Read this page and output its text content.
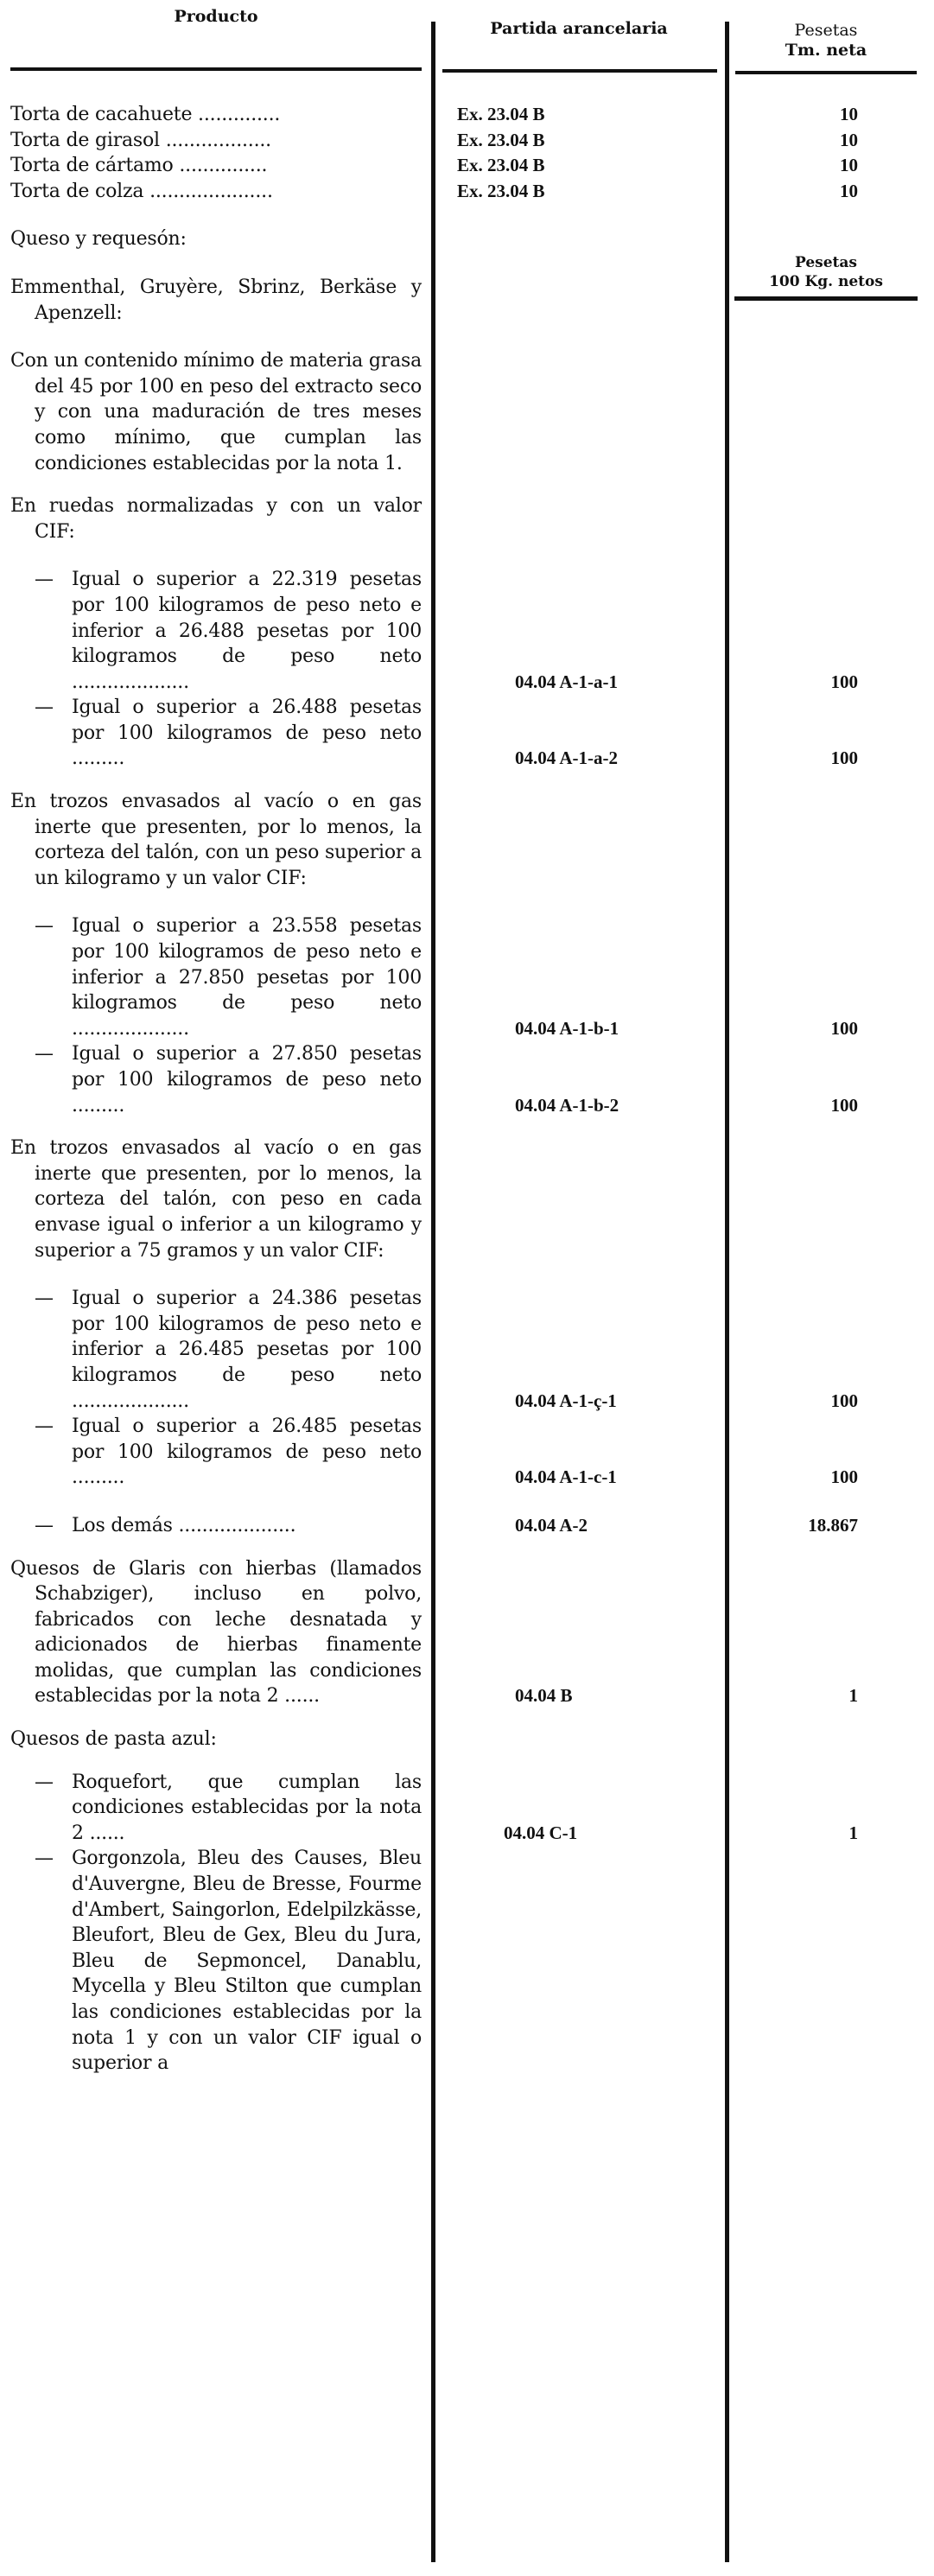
Producto
Partida arancelaria	Pesetas
Tm. neta
Pesetas
100 Kg. netos
Torta de cacahuete ..............	Ex. 23.04 B	10
Torta de girasol ..................	Ex. 23.04 B	10
Torta de cártamo ...............	Ex. 23.04 B	10
Torta de colza .....................	Ex. 23.04 B	10
Queso y requesón:
Emmenthal, Gruyère, Sbrinz, Berkäse y Apenzell:
Con un contenido mínimo de materia grasa del 45 por 100 en peso del extracto seco y con una maduración de tres meses como mínimo, que cumplan las condiciones establecidas por la nota 1.
En ruedas normalizadas y con un valor CIF:
— Igual o superior a 22.319 pesetas por 100 kilogramos de peso neto e inferior a 26.488 pesetas por 100 kilogramos de peso neto ....................	04.04 A-1-a-1	100
— Igual o superior a 26.488 pesetas por 100 kilogramos de peso neto .........	04.04 A-1-a-2	100
En trozos envasados al vacío o en gas inerte que presenten, por lo menos, la corteza del talón, con un peso superior a un kilogramo y un valor CIF:
— Igual o superior a 23.558 pesetas por 100 kilogramos de peso neto e inferior a 27.850 pesetas por 100 kilogramos de peso neto ....................	04.04 A-1-b-1	100
— Igual o superior a 27.850 pesetas por 100 kilogramos de peso neto .........	04.04 A-1-b-2	100
En trozos envasados al vacío o en gas inerte que presenten, por lo menos, la corteza del talón, con peso en cada envase igual o inferior a un kilogramo y superior a 75 gramos y un valor CIF:
— Igual o superior a 24.386 pesetas por 100 kilogramos de peso neto e inferior a 26.485 pesetas por 100 kilogramos de peso neto ....................	04.04 A-1-ç-1	100
— Igual o superior a 26.485 pesetas por 100 kilogramos de peso neto .........	04.04 A-1-c-1	100
— Los demás ....................	04.04 A-2	18.867
Quesos de Glaris con hierbas (llamados Schabziger), incluso en polvo, fabricados con leche desnatada y adicionados de hierbas finamente molidas, que cumplan las condiciones establecidas por la nota 2 ......	04.04 B	1
Quesos de pasta azul:
— Roquefort, que cumplan las condiciones establecidas por la nota 2 ......	04.04 C-1	1
— Gorgonzola, Bleu des Causes, Bleu d'Auvergne, Bleu de Bresse, Fourme d'Ambert, Saingorlon, Edelpilzkässe, Bleufort, Bleu de Gex, Bleu du Jura, Bleu de Sepmoncel, Danablu, Mycella y Bleu Stilton que cumplan las condiciones establecidas por la nota 1 y con un valor CIF igual o superior a
